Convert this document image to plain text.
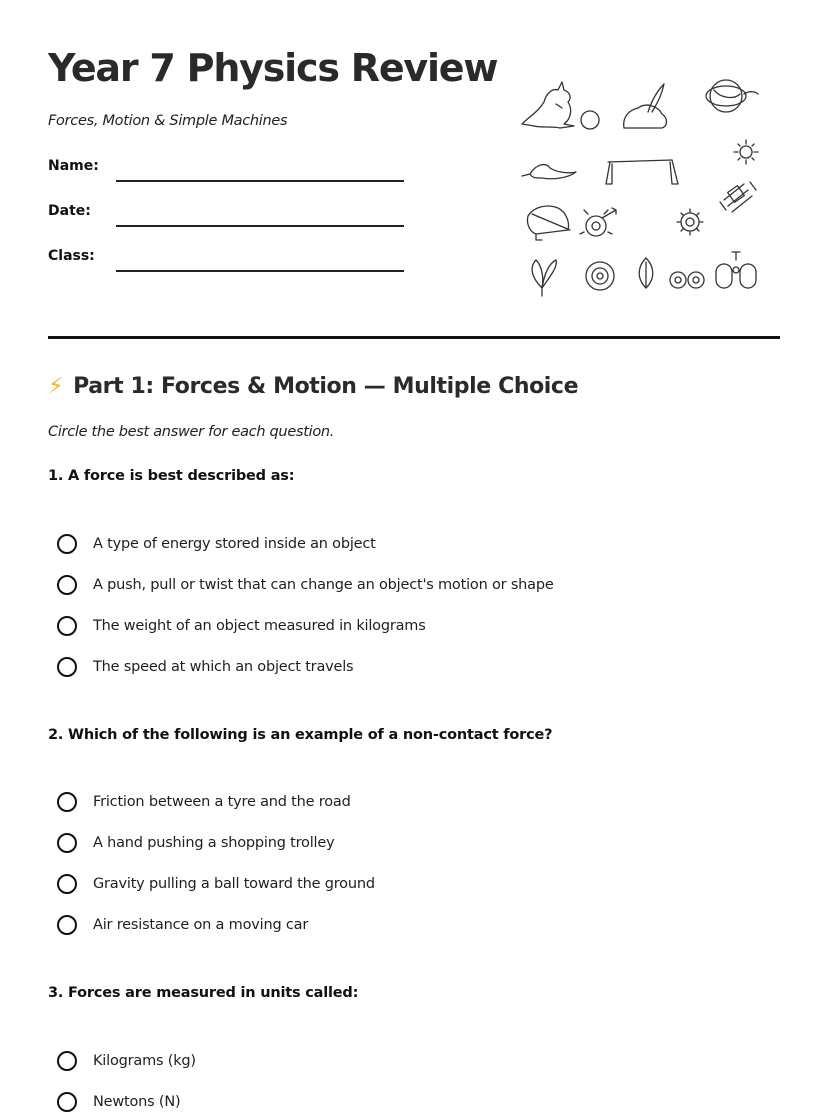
Year 7 Physics Review
Forces, Motion & Simple Machines
Name:
Date:
Class:
⚡ Part 1: Forces & Motion — Multiple Choice
Circle the best answer for each question.
1. A force is best described as:
A type of energy stored inside an object
A push, pull or twist that can change an object's motion or shape
The weight of an object measured in kilograms
The speed at which an object travels
2. Which of the following is an example of a non-contact force?
Friction between a tyre and the road
A hand pushing a shopping trolley
Gravity pulling a ball toward the ground
Air resistance on a moving car
3. Forces are measured in units called:
Kilograms (kg)
Newtons (N)
